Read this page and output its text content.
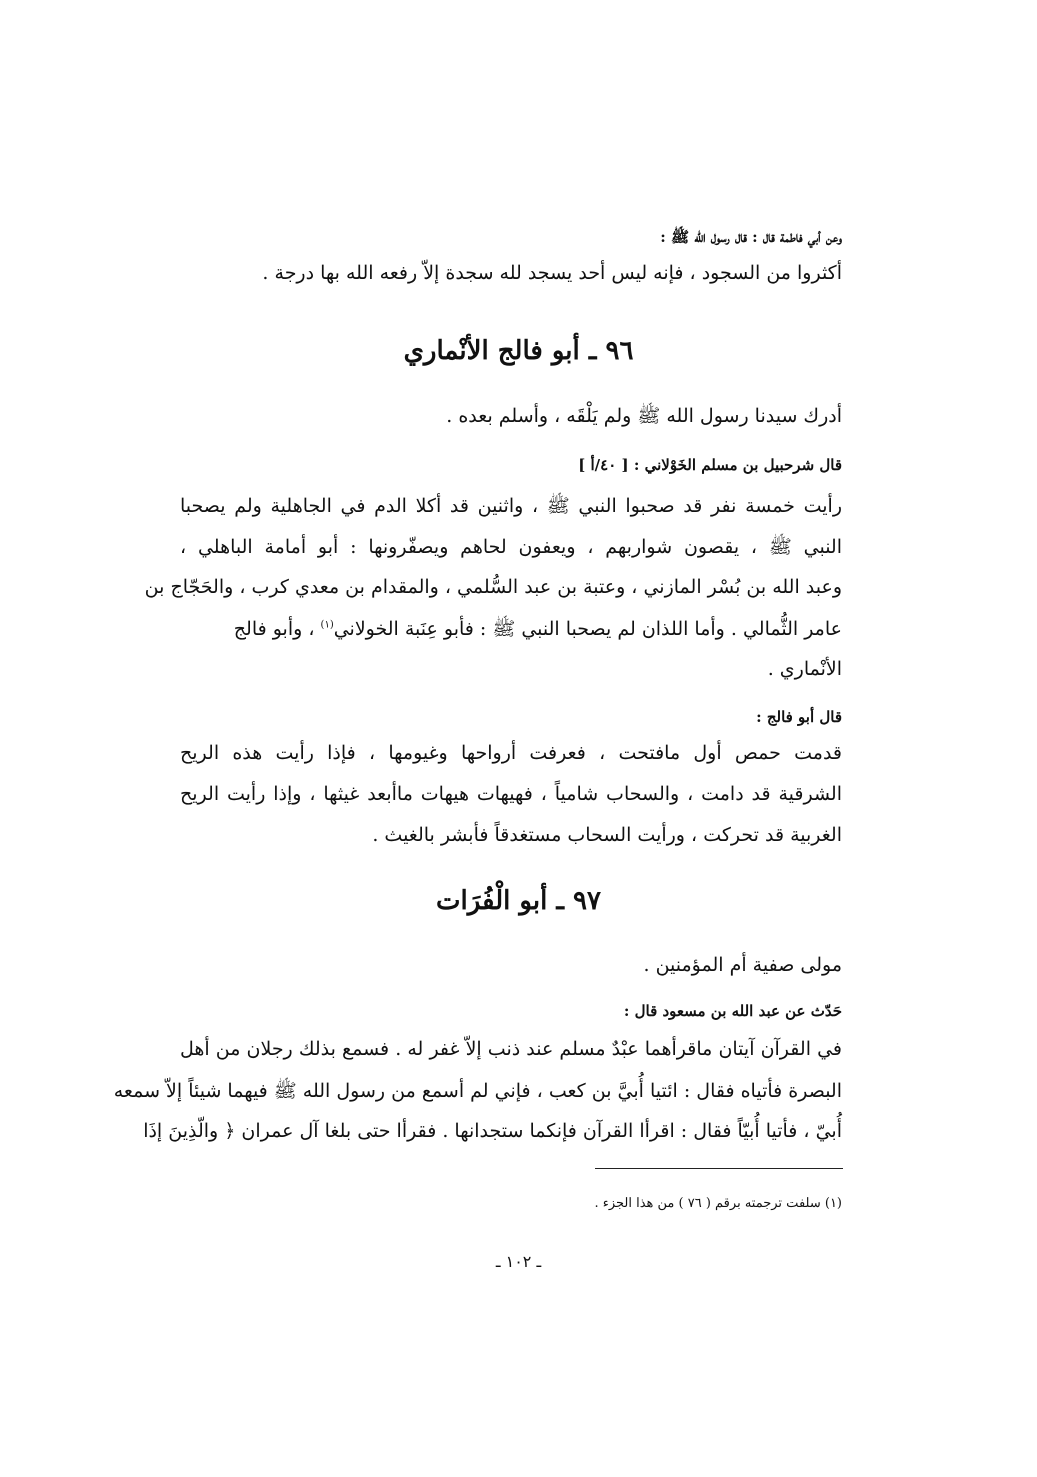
وعن أبي فاطمة قال : قال رسول الله ﷺ :
أكثروا من السجود ، فإنه ليس أحد يسجد لله سجدة إلاّ رفعه الله بها درجة .
٩٦ ـ أبو فالج الأنْماري
أدرك سيدنا رسول الله ﷺ ولم يَلْقَه ، وأسلم بعده .
قال شرحبيل بن مسلم الخَوْلاني : [ ٤٠/أ ]
رأيت خمسة نفر قد صحبوا النبي ﷺ ، واثنين قد أكلا الدم في الجاهلية ولم يصحبا
النبي ﷺ ، يقصون شواربهم ، ويعفون لحاهم ويصفّرونها : أبو أمامة الباهلي ،
وعبد الله بن بُسْر المازني ، وعتبة بن عبد السُّلمي ، والمقدام بن معدي كرب ، والحَجّاج بن
عامر الثُّمالي . وأما اللذان لم يصحبا النبي ﷺ : فأبو عِنَبة الخولاني$^{(١)}$ ، وأبو فالج
الأنْماري .
قال أبو فالج :
قدمت حمص أول مافتحت ، فعرفت أرواحها وغيومها ، فإذا رأيت هذه الريح
الشرقية قد دامت ، والسحاب شامياً ، فهيهات هيهات ماأبعد غيثها ، وإذا رأيت الريح
الغربية قد تحركت ، ورأيت السحاب مستغدقاً فأبشر بالغيث .
٩٧ ـ أبو الْفُرَات
مولى صفية أم المؤمنين .
حَدّث عن عبد الله بن مسعود قال :
في القرآن آيتان ماقرأهما عبْدٌ مسلم عند ذنب إلاّ غفر له . فسمع بذلك رجلان من أهل
البصرة فأتياه فقال : ائتيا أُبيَّ بن كعب ، فإني لم أسمع من رسول الله ﷺ فيهما شيئاً إلاّ سمعه
أُبيّ ، فأتيا أُبيّاً فقال : اقرأا القرآن فإنكما ستجدانها . فقرأا حتى بلغا آل عمران ﴿ والّذِينَ إذَا
(١) سلفت ترجمته برقم ( ٧٦ ) من هذا الجزء .
ـ ١٠٢ ـ
